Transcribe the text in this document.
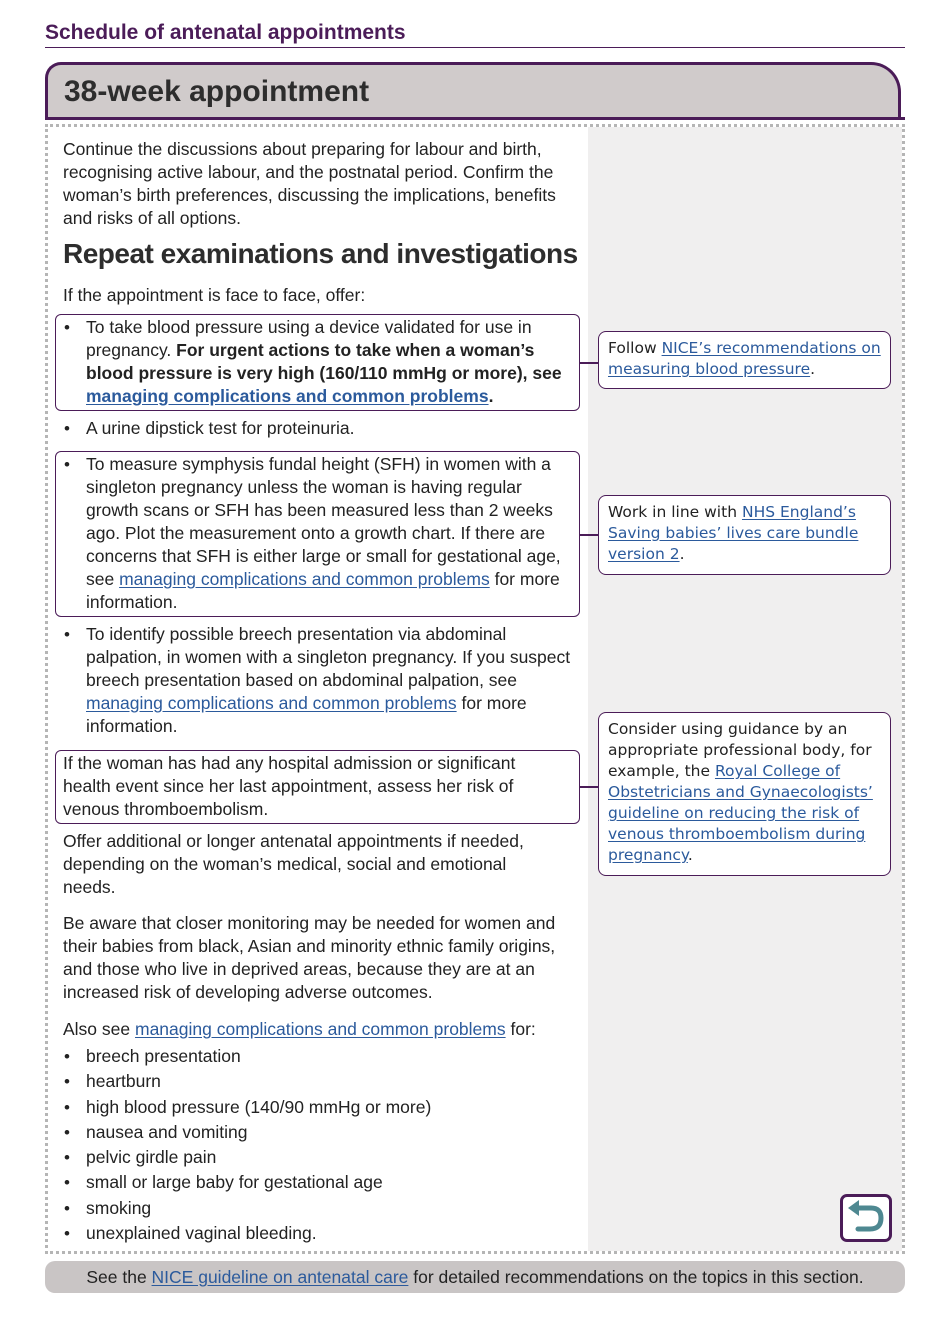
Schedule of antenatal appointments
38-week appointment
Continue the discussions about preparing for labour and birth, recognising active labour, and the postnatal period. Confirm the woman’s birth preferences, discussing the implications, benefits and risks of all options.
Repeat examinations and investigations
If the appointment is face to face, offer:
• To take blood pressure using a device validated for use in pregnancy. For urgent actions to take when a woman’s blood pressure is very high (160/110 mmHg or more), see managing complications and common problems.
• A urine dipstick test for proteinuria.
• To measure symphysis fundal height (SFH) in women with a singleton pregnancy unless the woman is having regular growth scans or SFH has been measured less than 2 weeks ago. Plot the measurement onto a growth chart. If there are concerns that SFH is either large or small for gestational age, see managing complications and common problems for more information.
• To identify possible breech presentation via abdominal palpation, in women with a singleton pregnancy. If you suspect breech presentation based on abdominal palpation, see managing complications and common problems for more information.
If the woman has had any hospital admission or significant health event since her last appointment, assess her risk of venous thromboembolism.
Offer additional or longer antenatal appointments if needed, depending on the woman’s medical, social and emotional needs.
Be aware that closer monitoring may be needed for women and their babies from black, Asian and minority ethnic family origins, and those who live in deprived areas, because they are at an increased risk of developing adverse outcomes.
Also see managing complications and common problems for:
• breech presentation
• heartburn
• high blood pressure (140/90 mmHg or more)
• nausea and vomiting
• pelvic girdle pain
• small or large baby for gestational age
• smoking
• unexplained vaginal bleeding.
Follow NICE’s recommendations on measuring blood pressure.
Work in line with NHS England’s Saving babies’ lives care bundle version 2.
Consider using guidance by an appropriate professional body, for example, the Royal College of Obstetricians and Gynaecologists’ guideline on reducing the risk of venous thromboembolism during pregnancy.
See the NICE guideline on antenatal care for detailed recommendations on the topics in this section.
